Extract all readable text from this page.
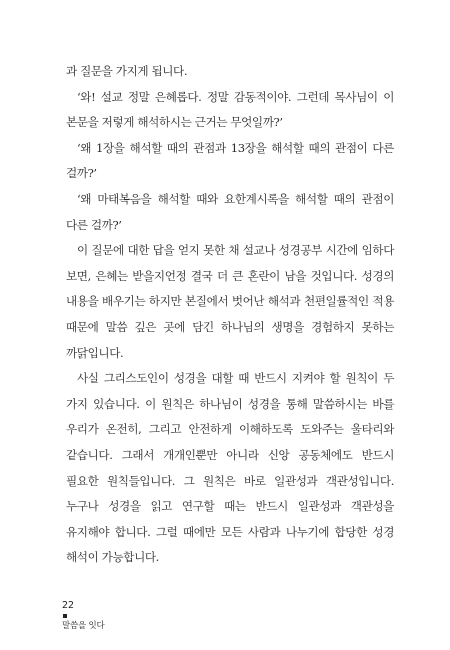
과 질문을 가지게 됩니다.

‘와! 설교 정말 은혜롭다. 정말 감동적이야. 그런데 목사님이 이 본문을 저렇게 해석하시는 근거는 무엇일까?’

‘왜 1장을 해석할 때의 관점과 13장을 해석할 때의 관점이 다른 걸까?’

‘왜 마태복음을 해석할 때와 요한계시록을 해석할 때의 관점이 다른 걸까?’

이 질문에 대한 답을 얻지 못한 채 설교나 성경공부 시간에 임하다 보면, 은혜는 받을지언정 결국 더 큰 혼란이 남을 것입니다. 성경의 내용을 배우기는 하지만 본질에서 벗어난 해석과 천편일률적인 적용 때문에 말씀 깊은 곳에 담긴 하나님의 생명을 경험하지 못하는 까닭입니다.

사실 그리스도인이 성경을 대할 때 반드시 지켜야 할 원칙이 두 가지 있습니다. 이 원칙은 하나님이 성경을 통해 말씀하시는 바를 우리가 온전히, 그리고 안전하게 이해하도록 도와주는 울타리와 같습니다. 그래서 개개인뿐만 아니라 신앙 공동체에도 반드시 필요한 원칙들입니다. 그 원칙은 바로 일관성과 객관성입니다. 누구나 성경을 읽고 연구할 때는 반드시 일관성과 객관성을 유지해야 합니다. 그럴 때에만 모든 사람과 나누기에 합당한 성경 해석이 가능합니다.

22
말씀을 잇다
